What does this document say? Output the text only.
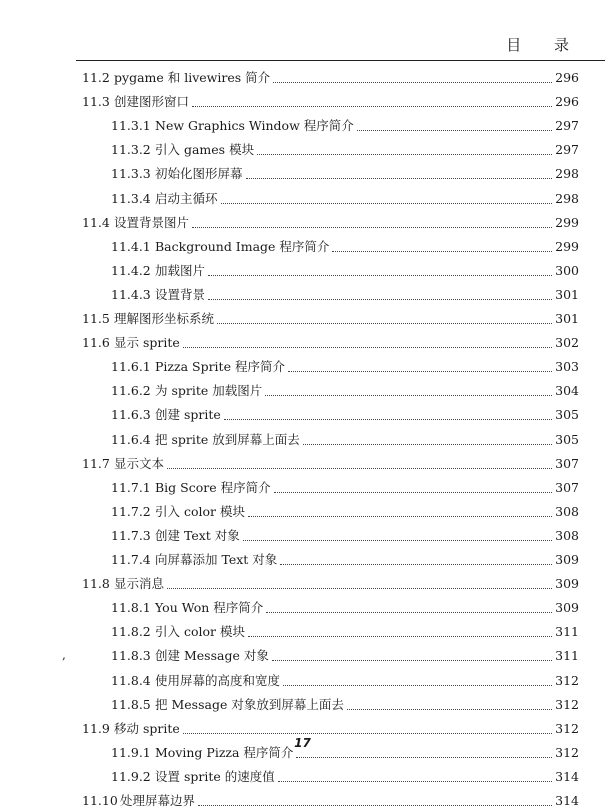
目 录
,
11.2 pygame 和 livewires 简介	296
11.3 创建图形窗口	296
11.3.1 New Graphics Window 程序简介	297
11.3.2 引入 games 模块	297
11.3.3 初始化图形屏幕	298
11.3.4 启动主循环	298
11.4 设置背景图片	299
11.4.1 Background Image 程序简介	299
11.4.2 加载图片	300
11.4.3 设置背景	301
11.5 理解图形坐标系统	301
11.6 显示 sprite	302
11.6.1 Pizza Sprite 程序简介	303
11.6.2 为 sprite 加载图片	304
11.6.3 创建 sprite	305
11.6.4 把 sprite 放到屏幕上面去	305
11.7 显示文本	307
11.7.1 Big Score 程序简介	307
11.7.2 引入 color 模块	308
11.7.3 创建 Text 对象	308
11.7.4 向屏幕添加 Text 对象	309
11.8 显示消息	309
11.8.1 You Won 程序简介	309
11.8.2 引入 color 模块	311
11.8.3 创建 Message 对象	311
11.8.4 使用屏幕的高度和宽度	312
11.8.5 把 Message 对象放到屏幕上面去	312
11.9 移动 sprite	312
11.9.1 Moving Pizza 程序简介	312
11.9.2 设置 sprite 的速度值	314
11.10 处理屏幕边界	314
17
